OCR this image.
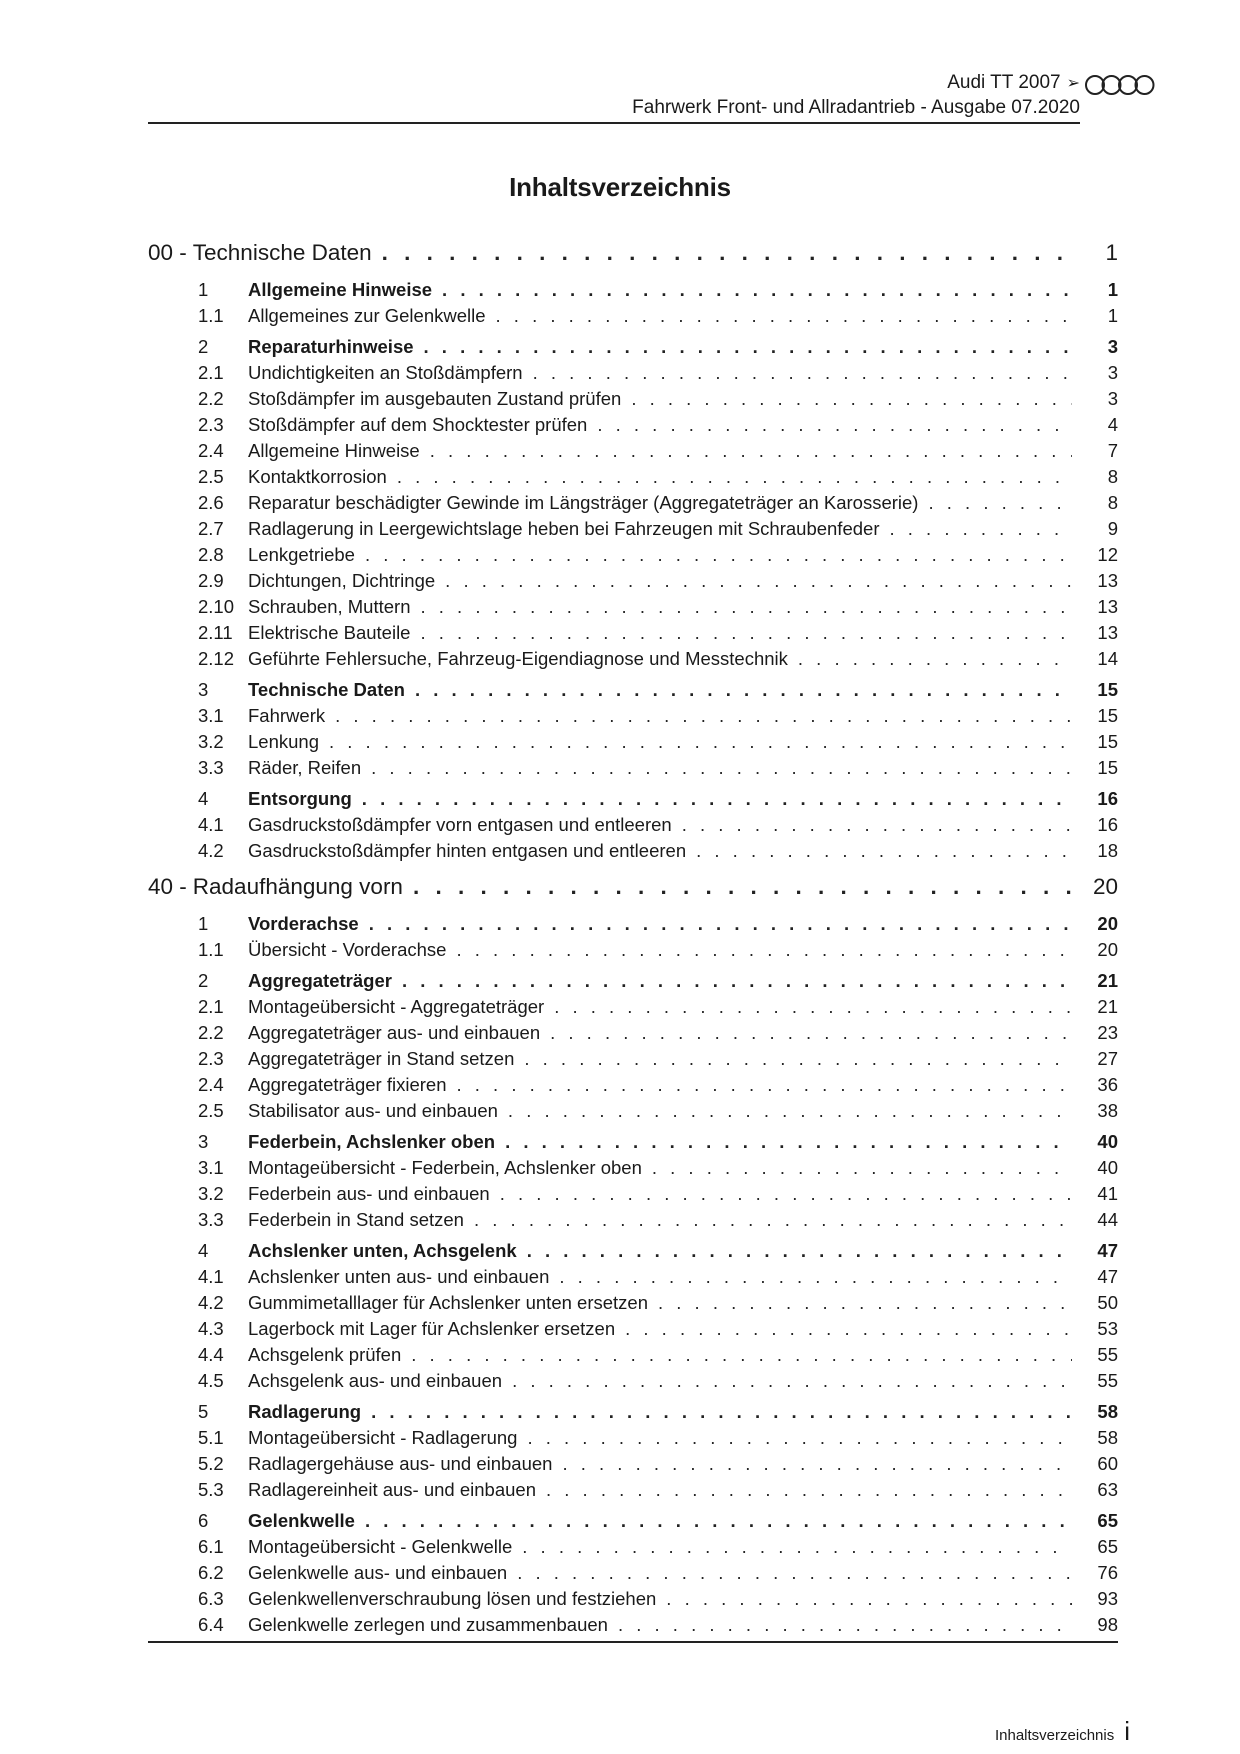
Audi TT 2007 ➢
Fahrwerk Front- und Allradantrieb - Ausgabe 07.2020
Inhaltsverzeichnis
00 - Technische Daten . . .	1
1	Allgemeine Hinweise . . .	1
1.1	Allgemeines zur Gelenkwelle . . .	1
2	Reparaturhinweise . . .	3
2.1	Undichtigkeiten an Stoßdämpfern . . .	3
2.2	Stoßdämpfer im ausgebauten Zustand prüfen . . .	3
2.3	Stoßdämpfer auf dem Shocktester prüfen . . .	4
2.4	Allgemeine Hinweise . . .	7
2.5	Kontaktkorrosion . . .	8
2.6	Reparatur beschädigter Gewinde im Längsträger (Aggregateträger an Karosserie) . . .	8
2.7	Radlagerung in Leergewichtslage heben bei Fahrzeugen mit Schraubenfeder . . .	9
2.8	Lenkgetriebe . . .	12
2.9	Dichtungen, Dichtringe . . .	13
2.10 Schrauben, Muttern . . .	13
2.11 Elektrische Bauteile . . .	13
2.12 Geführte Fehlersuche, Fahrzeug-Eigendiagnose und Messtechnik . . .	14
3	Technische Daten . . .	15
3.1	Fahrwerk . . .	15
3.2	Lenkung . . .	15
3.3	Räder, Reifen . . .	15
4	Entsorgung . . .	16
4.1	Gasdruckstoßdämpfer vorn entgasen und entleeren . . .	16
4.2	Gasdruckstoßdämpfer hinten entgasen und entleeren . . .	18
40 - Radaufhängung vorn . . .	20
1	Vorderachse . . .	20
1.1	Übersicht - Vorderachse . . .	20
2	Aggregateträger . . .	21
2.1	Montageübersicht - Aggregateträger . . .	21
2.2	Aggregateträger aus- und einbauen . . .	23
2.3	Aggregateträger in Stand setzen . . .	27
2.4	Aggregateträger fixieren . . .	36
2.5	Stabilisator aus- und einbauen . . .	38
3	Federbein, Achslenker oben . . .	40
3.1	Montageübersicht - Federbein, Achslenker oben . . .	40
3.2	Federbein aus- und einbauen . . .	41
3.3	Federbein in Stand setzen . . .	44
4	Achslenker unten, Achsgelenk . . .	47
4.1	Achslenker unten aus- und einbauen . . .	47
4.2	Gummimetalllager für Achslenker unten ersetzen . . .	50
4.3	Lagerbock mit Lager für Achslenker ersetzen . . .	53
4.4	Achsgelenk prüfen . . .	55
4.5	Achsgelenk aus- und einbauen . . .	55
5	Radlagerung . . .	58
5.1	Montageübersicht - Radlagerung . . .	58
5.2	Radlagergehäuse aus- und einbauen . . .	60
5.3	Radlagereinheit aus- und einbauen . . .	63
6	Gelenkwelle . . .	65
6.1	Montageübersicht - Gelenkwelle . . .	65
6.2	Gelenkwelle aus- und einbauen . . .	76
6.3	Gelenkwellenverschraubung lösen und festziehen . . .	93
6.4	Gelenkwelle zerlegen und zusammenbauen . . .	98
Inhaltsverzeichnis i
